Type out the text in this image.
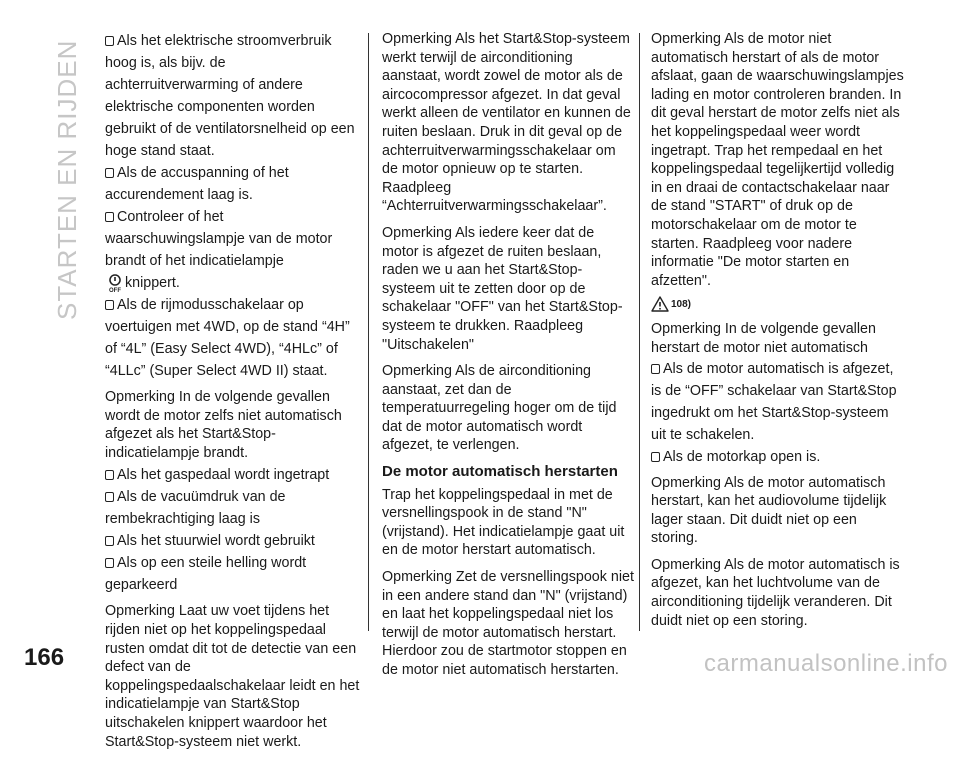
STARTEN EN RIJDEN	Als het elektrische stroomverbruik hoog is, als bijv. de achterruitverwarming of andere elektrische componenten worden gebruikt of de ventilatorsnelheid op een hoge stand staat.
Als de accuspanning of het accurendement laag is.
Controleer of het waarschuwingslampje van de motor brandt of het indicatielampje

OFF
knippert.
Als de rijmodusschakelaar op voertuigen met 4WD, op de stand “4H” of “4L” (Easy Select 4WD), “4HLc” of “4LLc” (Super Select 4WD II) staat.

Opmerking In de volgende gevallen wordt de motor zelfs niet automatisch afgezet als het Start&Stop-indicatielampje brandt.

Als het gaspedaal wordt ingetrapt
Als de vacuümdruk van de rembekrachtiging laag is
Als het stuurwiel wordt gebruikt
Als op een steile helling wordt geparkeerd

Opmerking Laat uw voet tijdens het rijden niet op het koppelingspedaal rusten omdat dit tot de detectie van een defect van de koppelingspedaalschakelaar leidt en het indicatielampje van Start&Stop uitschakelen knippert waardoor het Start&Stop-systeem niet werkt.

Opmerking Als het Start&Stop-systeem werkt terwijl de airconditioning aanstaat, wordt zowel de motor als de aircocompressor afgezet. In dat geval werkt alleen de ventilator en kunnen de ruiten beslaan. Druk in dit geval op de achterruitverwarmingsschakelaar om de motor opnieuw op te starten. Raadpleeg “Achterruitverwarmingsschakelaar”.

Opmerking Als iedere keer dat de motor is afgezet de ruiten beslaan, raden we u aan het Start&Stop-systeem uit te zetten door op de schakelaar "OFF" van het Start&Stop-systeem te drukken. Raadpleeg "Uitschakelen"

Opmerking Als de airconditioning aanstaat, zet dan de temperatuurregeling hoger om de tijd dat de motor automatisch wordt afgezet, te verlengen.

De motor automatisch herstarten

Trap het koppelingspedaal in met de versnellingspook in de stand "N" (vrijstand). Het indicatielampje gaat uit en de motor herstart automatisch.

Opmerking Zet de versnellingspook niet in een andere stand dan "N" (vrijstand) en laat het koppelingspedaal niet los terwijl de motor automatisch herstart. Hierdoor zou de startmotor stoppen en de motor niet automatisch herstarten.

Opmerking Als de motor niet automatisch herstart of als de motor afslaat, gaan de waarschuwingslampjes lading en motor controleren branden. In dit geval herstart de motor zelfs niet als het koppelingspedaal weer wordt ingetrapt. Trap het rempedaal en het koppelingspedaal tegelijkertijd volledig in en draai de contactschakelaar naar de stand "START" of druk op de motorschakelaar om de motor te starten. Raadpleeg voor nadere informatie "De motor starten en afzetten".

108)

Opmerking In de volgende gevallen herstart de motor niet automatisch

Als de motor automatisch is afgezet, is de “OFF” schakelaar van Start&Stop ingedrukt om het Start&Stop-systeem uit te schakelen.
Als de motorkap open is.

Opmerking Als de motor automatisch herstart, kan het audiovolume tijdelijk lager staan. Dit duidt niet op een storing.

Opmerking Als de motor automatisch is afgezet, kan het luchtvolume van de airconditioning tijdelijk veranderen. Dit duidt niet op een storing.

166	carmanualsonline.info
